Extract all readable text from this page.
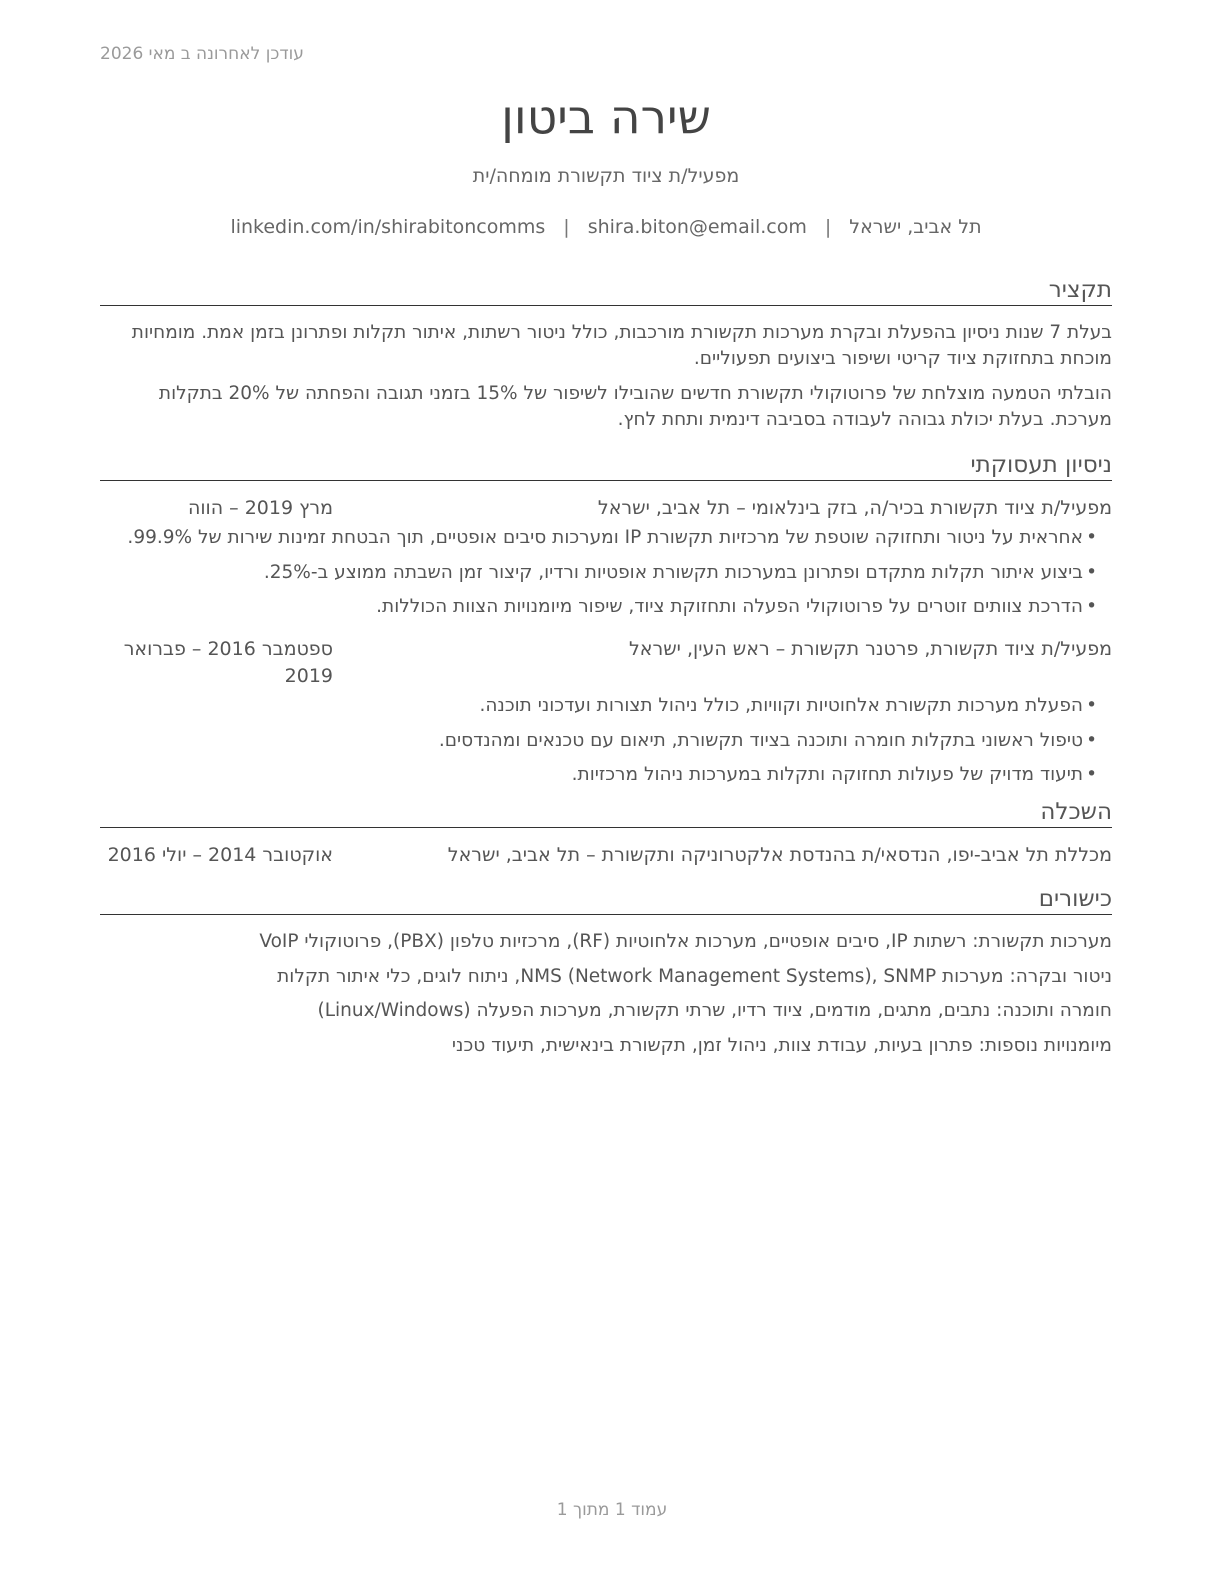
עודכן לאחרונה ב מאי 2026
שירה ביטון
מפעיל/ת ציוד תקשורת מומחה/ית
תל אביב, ישראל
|
shira.biton@email.com
|
linkedin.com/in/shirabitoncomms
תקציר

בעלת 7 שנות ניסיון בהפעלת ובקרת מערכות תקשורת מורכבות, כולל ניטור רשתות, איתור תקלות ופתרונן בזמן אמת. מומחיות מוכחת בתחזוקת ציוד קריטי ושיפור ביצועים תפעוליים.

הובלתי הטמעה מוצלחת של פרוטוקולי תקשורת חדשים שהובילו לשיפור של 15% בזמני תגובה והפחתה של 20% בתקלות מערכת. בעלת יכולת גבוהה לעבודה בסביבה דינמית ותחת לחץ.

ניסיון תעסוקתי
מפעיל/ת ציוד תקשורת בכיר/ה, בזק בינלאומי – תל אביב, ישראל
מרץ 2019 – הווה
• אחראית על ניטור ותחזוקה שוטפת של מרכזיות תקשורת IP ומערכות סיבים אופטיים, תוך הבטחת זמינות שירות של 99.9%.
• ביצוע איתור תקלות מתקדם ופתרונן במערכות תקשורת אופטיות ורדיו, קיצור זמן השבתה ממוצע ב-25%.
• הדרכת צוותים זוטרים על פרוטוקולי הפעלה ותחזוקת ציוד, שיפור מיומנויות הצוות הכוללות.
מפעיל/ת ציוד תקשורת, פרטנר תקשורת – ראש העין, ישראל
ספטמבר 2016 – פברואר 2019
• הפעלת מערכות תקשורת אלחוטיות וקוויות, כולל ניהול תצורות ועדכוני תוכנה.
• טיפול ראשוני בתקלות חומרה ותוכנה בציוד תקשורת, תיאום עם טכנאים ומהנדסים.
• תיעוד מדויק של פעולות תחזוקה ותקלות במערכות ניהול מרכזיות.
השכלה
מכללת תל אביב-יפו, הנדסאי/ת בהנדסת אלקטרוניקה ותקשורת – תל אביב, ישראל
אוקטובר 2014 – יולי 2016
כישורים
מערכות תקשורת: רשתות IP, סיבים אופטיים, מערכות אלחוטיות (RF), מרכזיות טלפון (PBX), פרוטוקולי VoIP
ניטור ובקרה: מערכות NMS (Network Management Systems), SNMP, ניתוח לוגים, כלי איתור תקלות
חומרה ותוכנה: נתבים, מתגים, מודמים, ציוד רדיו, שרתי תקשורת, מערכות הפעלה (Linux/Windows)
מיומנויות נוספות: פתרון בעיות, עבודת צוות, ניהול זמן, תקשורת בינאישית, תיעוד טכני
עמוד 1 מתוך 1
